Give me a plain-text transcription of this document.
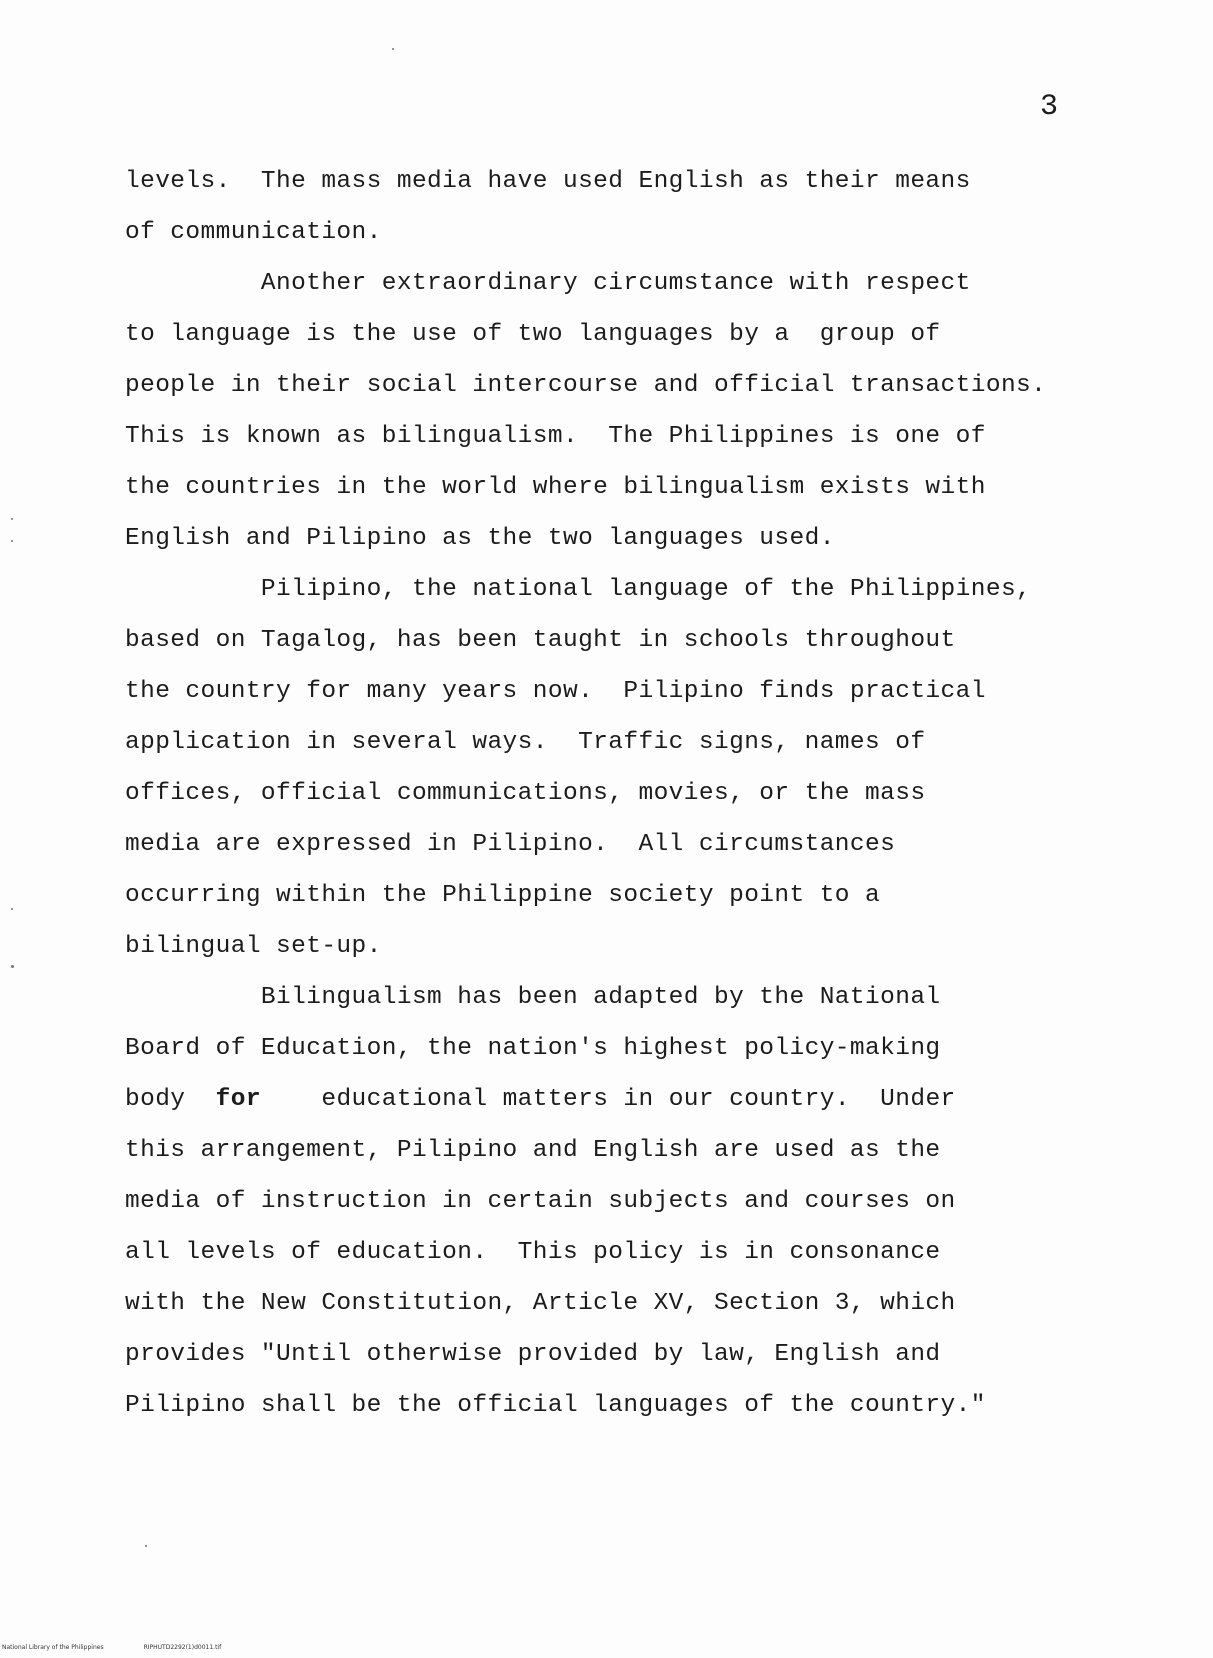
3
levels.  The mass media have used English as their means
of communication.
Another extraordinary circumstance with respect
to language is the use of two languages by a  group of
people in their social intercourse and official transactions.
This is known as bilingualism.  The Philippines is one of
the countries in the world where bilingualism exists with
English and Pilipino as the two languages used.
Pilipino, the national language of the Philippines,
based on Tagalog, has been taught in schools throughout
the country for many years now.  Pilipino finds practical
application in several ways.  Traffic signs, names of
offices, official communications, movies, or the mass
media are expressed in Pilipino.  All circumstances
occurring within the Philippine society point to a
bilingual set-up.
Bilingualism has been adapted by the National
Board of Education, the nation's highest policy-making
body  for    educational matters in our country.  Under
this arrangement, Pilipino and English are used as the
media of instruction in certain subjects and courses on
all levels of education.  This policy is in consonance
with the New Constitution, Article XV, Section 3, which
provides "Until otherwise provided by law, English and
Pilipino shall be the official languages of the country."
National Library of the Philippines	RIPHUTD2292(1)d0011.tif
